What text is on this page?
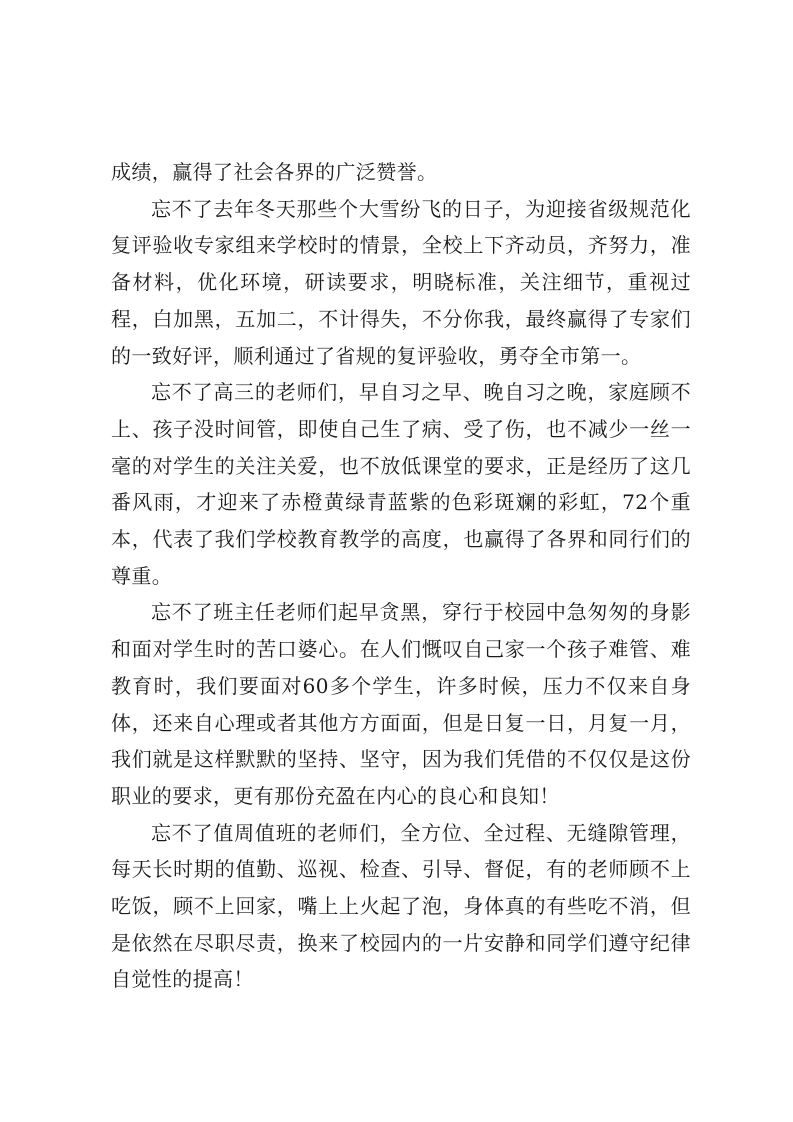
成绩，赢得了社会各界的广泛赞誉。

忘不了去年冬天那些个大雪纷飞的日子，为迎接省级规范化复评验收专家组来学校时的情景，全校上下齐动员，齐努力，准备材料，优化环境，研读要求，明晓标准，关注细节，重视过程，白加黑，五加二，不计得失，不分你我，最终赢得了专家们的一致好评，顺利通过了省规的复评验收，勇夺全市第一。

忘不了高三的老师们，早自习之早、晚自习之晚，家庭顾不上、孩子没时间管，即使自己生了病、受了伤，也不减少一丝一毫的对学生的关注关爱，也不放低课堂的要求，正是经历了这几番风雨，才迎来了赤橙黄绿青蓝紫的色彩斑斓的彩虹，72个重本，代表了我们学校教育教学的高度，也赢得了各界和同行们的尊重。

忘不了班主任老师们起早贪黑，穿行于校园中急匆匆的身影和面对学生时的苦口婆心。在人们慨叹自己家一个孩子难管、难教育时，我们要面对60多个学生，许多时候，压力不仅来自身体，还来自心理或者其他方方面面，但是日复一日，月复一月，我们就是这样默默的坚持、坚守，因为我们凭借的不仅仅是这份职业的要求，更有那份充盈在内心的良心和良知！

忘不了值周值班的老师们，全方位、全过程、无缝隙管理，每天长时期的值勤、巡视、检查、引导、督促，有的老师顾不上吃饭，顾不上回家，嘴上上火起了泡，身体真的有些吃不消，但是依然在尽职尽责，换来了校园内的一片安静和同学们遵守纪律自觉性的提高！
